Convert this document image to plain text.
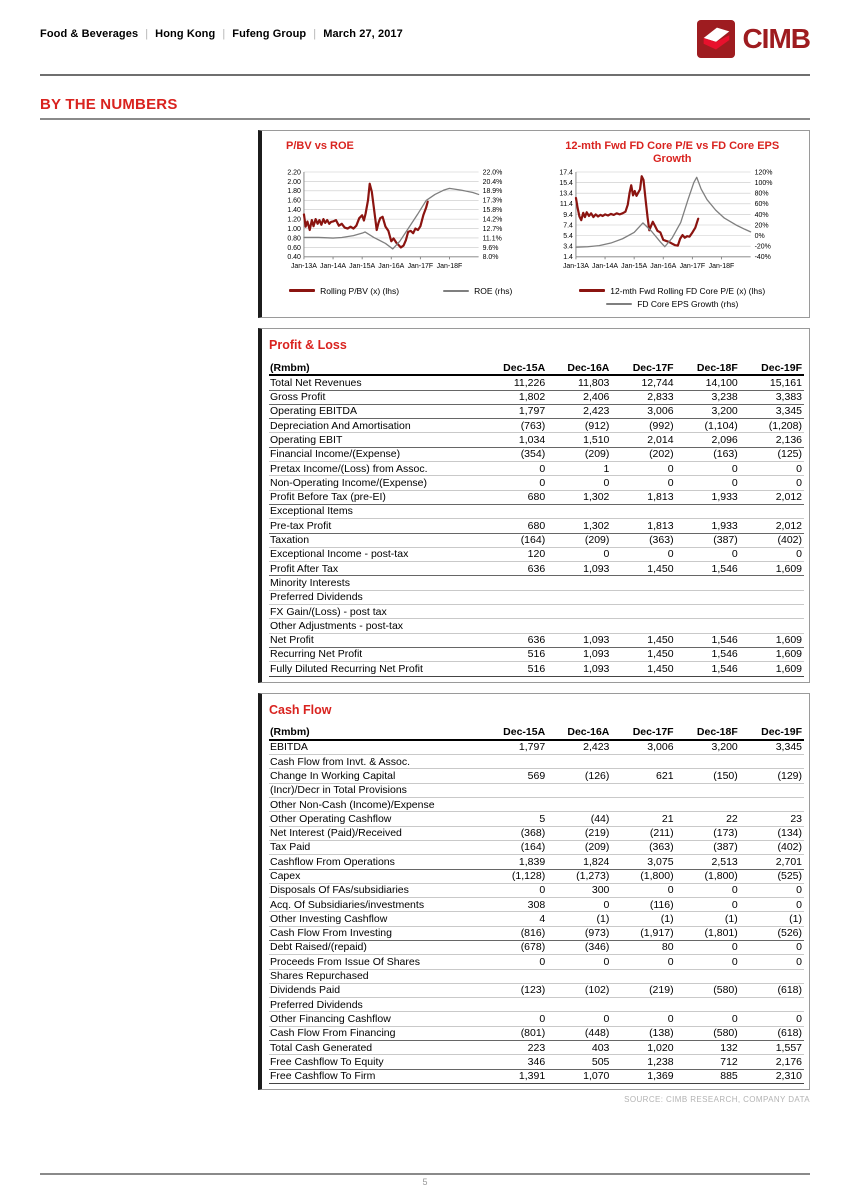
Food & Beverages | Hong Kong | Fufeng Group | March 27, 2017	CIMB
BY THE NUMBERS
P/BV vs ROE
2.20	22.0%
2.00	20.4%
1.80	18.9%
1.60	17.3%
1.40	15.8%
1.20	14.2%
1.00	12.7%
0.80	11.1%
0.60	9.6%
0.40	8.0%
Jan-13A Jan-14A Jan-15A Jan-16A Jan-17F Jan-18F
Rolling P/BV (x) (lhs)	ROE (rhs)
12-mth Fwd FD Core P/E vs FD Core EPS Growth
17.4	120%
15.4	100%
13.4	80%
11.4	60%
9.4	40%
7.4	20%
5.4	0%
3.4	-20%
1.4	-40%
Jan-13A Jan-14A Jan-15A Jan-16A Jan-17F Jan-18F
12-mth Fwd Rolling FD Core P/E (x) (lhs)
FD Core EPS Growth (rhs)
Profit & Loss
(Rmbm)	Dec-15A	Dec-16A	Dec-17F	Dec-18F	Dec-19F
Total Net Revenues	11,226	11,803	12,744	14,100	15,161
Gross Profit	1,802	2,406	2,833	3,238	3,383
Operating EBITDA	1,797	2,423	3,006	3,200	3,345
Depreciation And Amortisation	(763)	(912)	(992)	(1,104)	(1,208)
Operating EBIT	1,034	1,510	2,014	2,096	2,136
Financial Income/(Expense)	(354)	(209)	(202)	(163)	(125)
Pretax Income/(Loss) from Assoc.	0	1	0	0	0
Non-Operating Income/(Expense)	0	0	0	0	0
Profit Before Tax (pre-EI)	680	1,302	1,813	1,933	2,012
Exceptional Items					
Pre-tax Profit	680	1,302	1,813	1,933	2,012
Taxation	(164)	(209)	(363)	(387)	(402)
Exceptional Income - post-tax	120	0	0	0	0
Profit After Tax	636	1,093	1,450	1,546	1,609
Minority Interests					
Preferred Dividends					
FX Gain/(Loss) - post tax					
Other Adjustments - post-tax					
Net Profit	636	1,093	1,450	1,546	1,609
Recurring Net Profit	516	1,093	1,450	1,546	1,609
Fully Diluted Recurring Net Profit	516	1,093	1,450	1,546	1,609
Cash Flow
(Rmbm)	Dec-15A	Dec-16A	Dec-17F	Dec-18F	Dec-19F
EBITDA	1,797	2,423	3,006	3,200	3,345
Cash Flow from Invt. & Assoc.					
Change In Working Capital	569	(126)	621	(150)	(129)
(Incr)/Decr in Total Provisions					
Other Non-Cash (Income)/Expense					
Other Operating Cashflow	5	(44)	21	22	23
Net Interest (Paid)/Received	(368)	(219)	(211)	(173)	(134)
Tax Paid	(164)	(209)	(363)	(387)	(402)
Cashflow From Operations	1,839	1,824	3,075	2,513	2,701
Capex	(1,128)	(1,273)	(1,800)	(1,800)	(525)
Disposals Of FAs/subsidiaries	0	300	0	0	0
Acq. Of Subsidiaries/investments	308	0	(116)	0	0
Other Investing Cashflow	4	(1)	(1)	(1)	(1)
Cash Flow From Investing	(816)	(973)	(1,917)	(1,801)	(526)
Debt Raised/(repaid)	(678)	(346)	80	0	0
Proceeds From Issue Of Shares	0	0	0	0	0
Shares Repurchased					
Dividends Paid	(123)	(102)	(219)	(580)	(618)
Preferred Dividends					
Other Financing Cashflow	0	0	0	0	0
Cash Flow From Financing	(801)	(448)	(138)	(580)	(618)
Total Cash Generated	223	403	1,020	132	1,557
Free Cashflow To Equity	346	505	1,238	712	2,176
Free Cashflow To Firm	1,391	1,070	1,369	885	2,310
SOURCE: CIMB RESEARCH, COMPANY DATA
5
